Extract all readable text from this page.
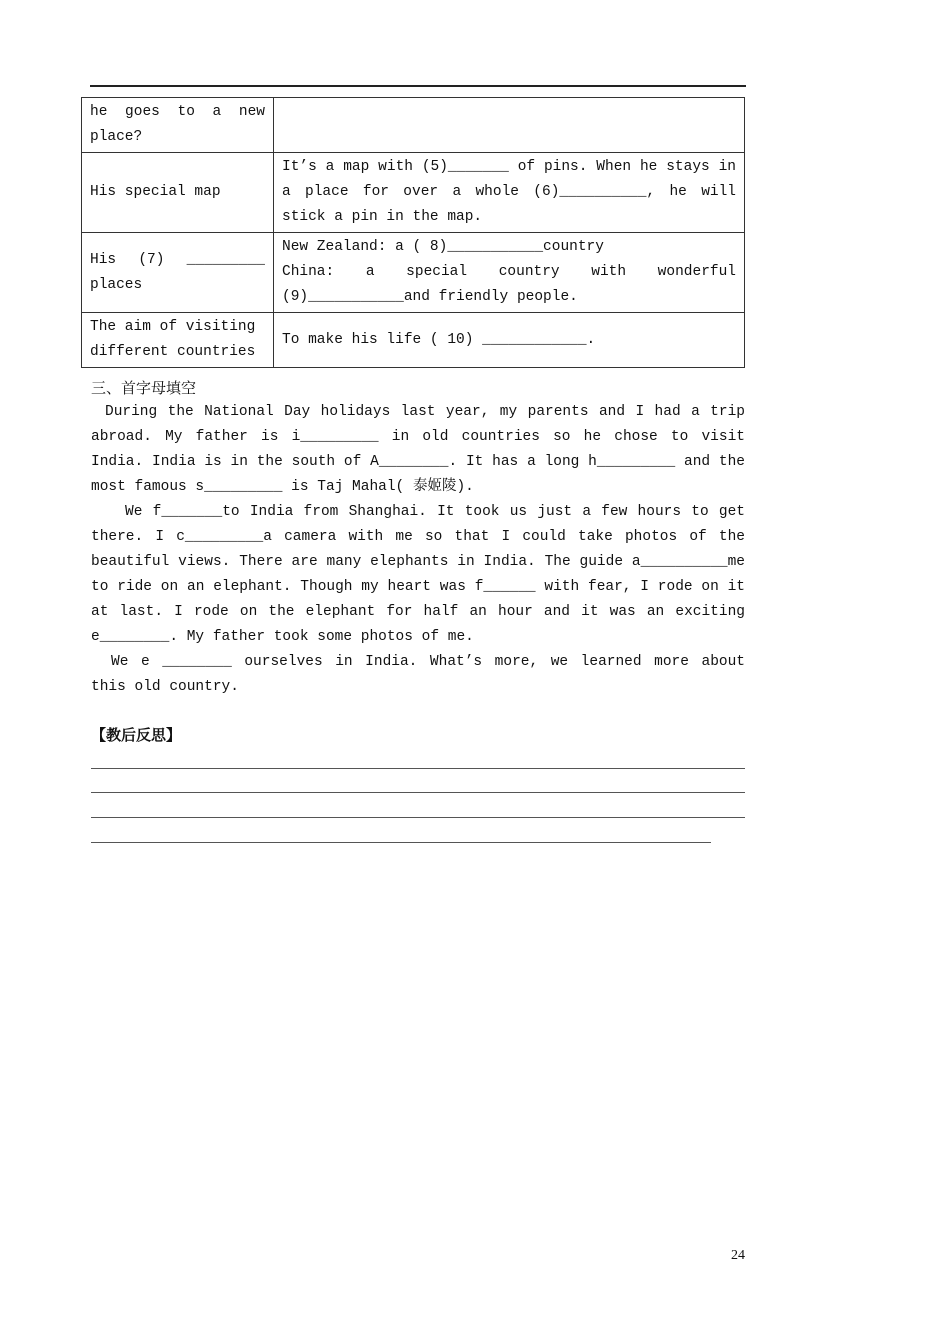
he goes to a new place?	
His special map	It’s a map with (5)_______ of pins. When he stays in a place for over a whole (6)__________, he will stick a pin in the map.
His (7) _________ places	New Zealand: a ( 8)___________country
China: a special country with wonderful (9)___________and friendly people.

The aim of visiting different countries	To make his life ( 10) ____________.
三、首字母填空

During the National Day holidays last year, my parents and I had a trip abroad. My father is i_________ in old countries so he chose to visit India. India is in the south of A________. It has a long h_________ and the most famous s_________ is Taj Mahal( 泰姬陵).

We f_______to India from Shanghai. It took us just a few hours to get there. I c_________a camera with me so that I could take photos of the beautiful views. There are many elephants in India. The guide a__________me to ride on an elephant. Though my heart was f______ with fear, I rode on it at last. I rode on the elephant for half an hour and it was an exciting e________. My father took some photos of me.

We e ________ ourselves in India. What’s more, we learned more about this old country.

【教后反思】
24
